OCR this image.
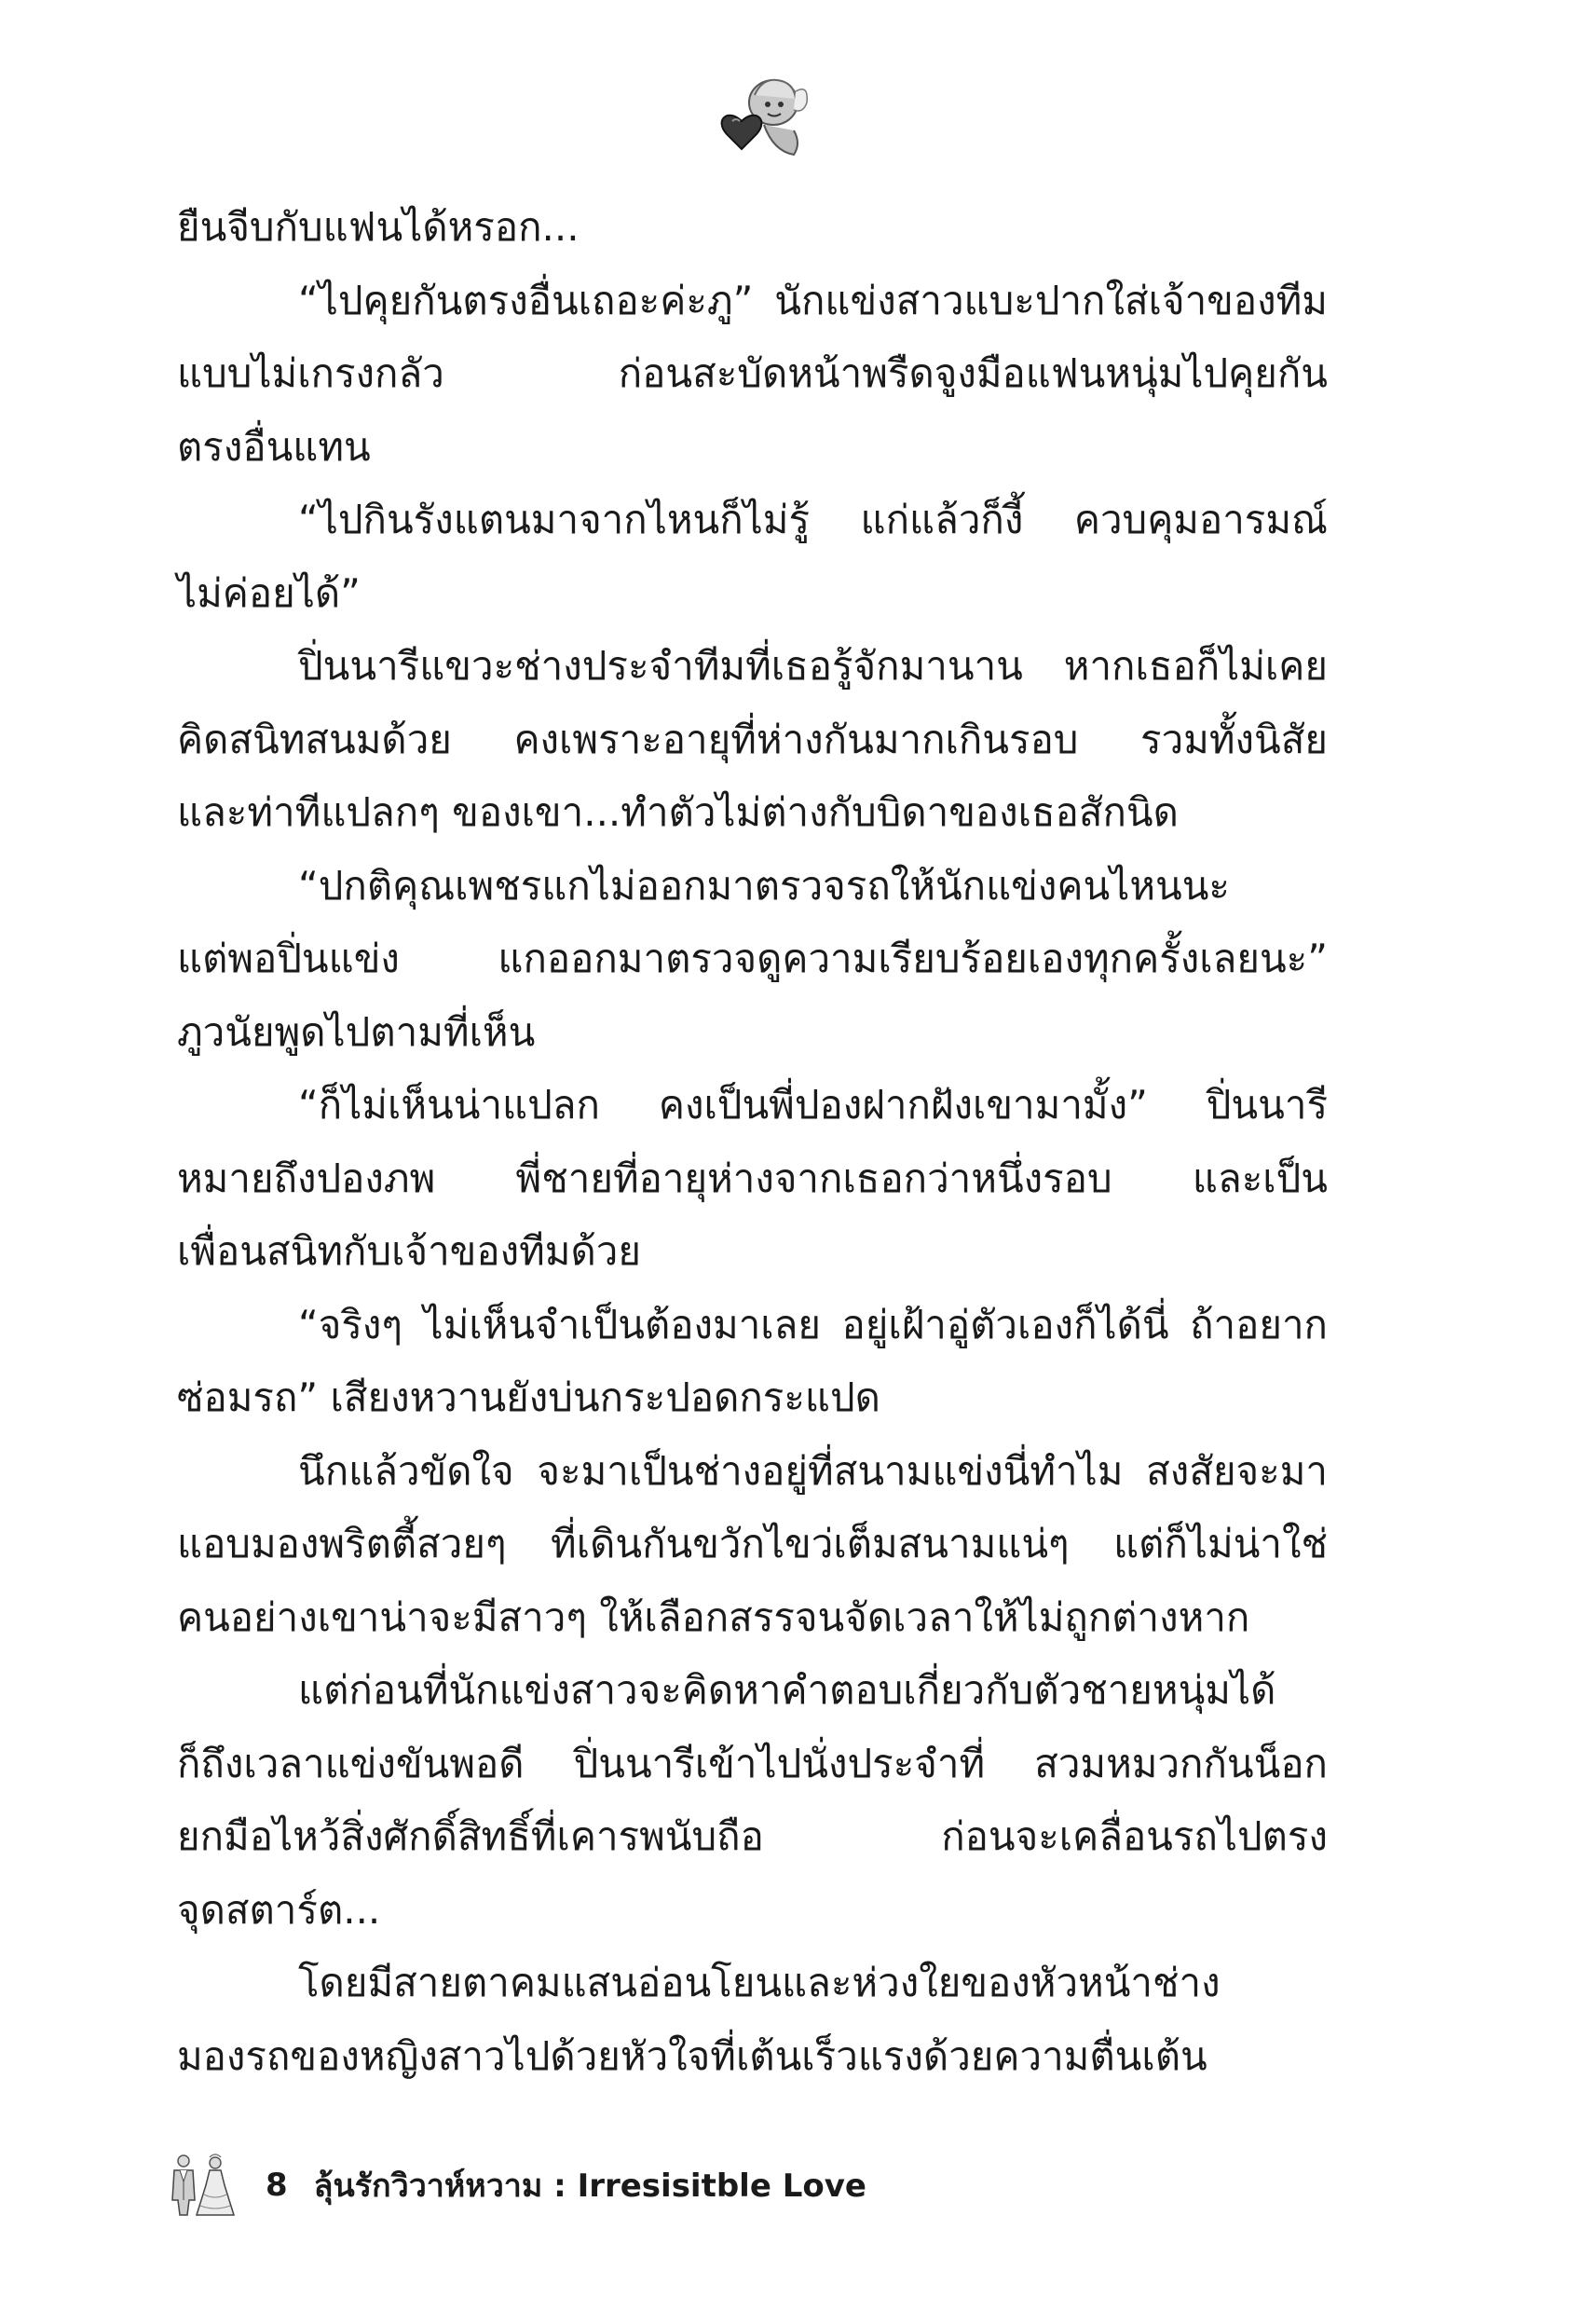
ยืนจีบกับแฟนได้หรอก...
“ไปคุยกันตรงอื่นเถอะค่ะภู” นักแข่งสาวแบะปากใส่เจ้าของทีม
แบบไม่เกรงกลัว ก่อนสะบัดหน้าพรืดจูงมือแฟนหนุ่มไปคุยกัน
ตรงอื่นแทน
“ไปกินรังแตนมาจากไหนก็ไม่รู้ แก่แล้วก็งี้ ควบคุมอารมณ์
ไม่ค่อยได้”
ปิ่นนารีแขวะช่างประจำทีมที่เธอรู้จักมานาน หากเธอก็ไม่เคย
คิดสนิทสนมด้วย คงเพราะอายุที่ห่างกันมากเกินรอบ รวมทั้งนิสัย
และท่าทีแปลกๆ ของเขา...ทำตัวไม่ต่างกับบิดาของเธอสักนิด
“ปกติคุณเพชรแกไม่ออกมาตรวจรถให้นักแข่งคนไหนนะ
แต่พอปิ่นแข่ง แกออกมาตรวจดูความเรียบร้อยเองทุกครั้งเลยนะ”
ภูวนัยพูดไปตามที่เห็น
“ก็ไม่เห็นน่าแปลก คงเป็นพี่ปองฝากฝังเขามามั้ง” ปิ่นนารี
หมายถึงปองภพ พี่ชายที่อายุห่างจากเธอกว่าหนึ่งรอบ และเป็น
เพื่อนสนิทกับเจ้าของทีมด้วย
“จริงๆ ไม่เห็นจำเป็นต้องมาเลย อยู่เฝ้าอู่ตัวเองก็ได้นี่ ถ้าอยาก
ซ่อมรถ” เสียงหวานยังบ่นกระปอดกระแปด
นึกแล้วขัดใจ จะมาเป็นช่างอยู่ที่สนามแข่งนี่ทำไม สงสัยจะมา
แอบมองพริตตี้สวยๆ ที่เดินกันขวักไขว่เต็มสนามแน่ๆ แต่ก็ไม่น่าใช่
คนอย่างเขาน่าจะมีสาวๆ ให้เลือกสรรจนจัดเวลาให้ไม่ถูกต่างหาก
แต่ก่อนที่นักแข่งสาวจะคิดหาคำตอบเกี่ยวกับตัวชายหนุ่มได้
ก็ถึงเวลาแข่งขันพอดี ปิ่นนารีเข้าไปนั่งประจำที่ สวมหมวกกันน็อก
ยกมือไหว้สิ่งศักดิ์สิทธิ์ที่เคารพนับถือ ก่อนจะเคลื่อนรถไปตรง
จุดสตาร์ต...
โดยมีสายตาคมแสนอ่อนโยนและห่วงใยของหัวหน้าช่าง
มองรถของหญิงสาวไปด้วยหัวใจที่เต้นเร็วแรงด้วยความตื่นเต้น
8 ลุ้นรักวิวาห์หวาม : Irresisitble Love
